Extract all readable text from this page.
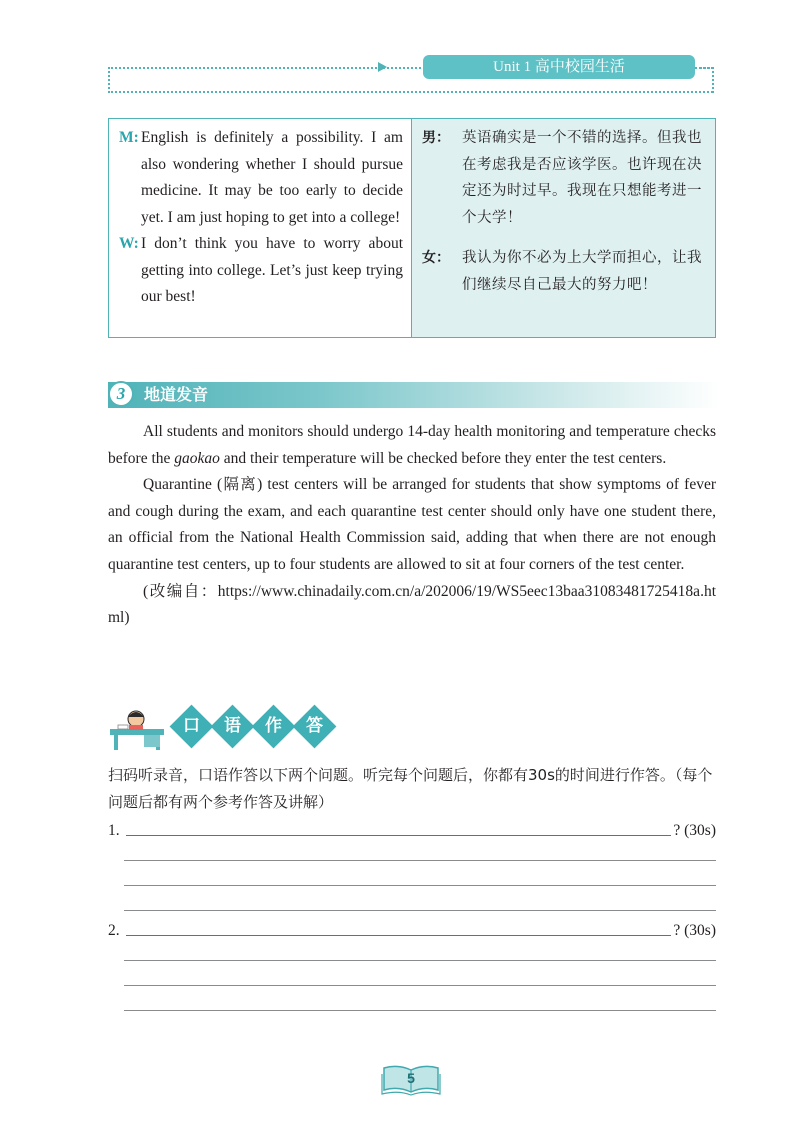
Unit 1 高中校园生活
M: English is definitely a possibility. I am also wondering whether I should pursue medicine. It may be too early to decide yet. I am just hoping to get into a college!
W: I don’t think you have to worry about getting into college. Let’s just keep trying our best!
男： 英语确实是一个不错的选择。但我也在考虑我是否应该学医。也许现在决定还为时过早。我现在只想能考进一个大学！
女： 我认为你不必为上大学而担心，让我们继续尽自己最大的努力吧！
3	地道发音

All students and monitors should undergo 14-day health monitoring and temperature checks before the gaokao and their temperature will be checked before they enter the test centers.

Quarantine (隔离) test centers will be arranged for students that show symptoms of fever and cough during the exam, and each quarantine test center should only have one student there, an official from the National Health Commission said, adding that when there are not enough quarantine test centers, up to four students are allowed to sit at four corners of the test center.

(改编自：https://www.chinadaily.com.cn/a/202006/19/WS5eec13baa31083481725418a.html)

口	语	作	答
扫码听录音，口语作答以下两个问题。听完每个问题后，你都有30s的时间进行作答。（每个问题后都有两个参考作答及讲解）
1.	? (30s)
2.	? (30s)
5
